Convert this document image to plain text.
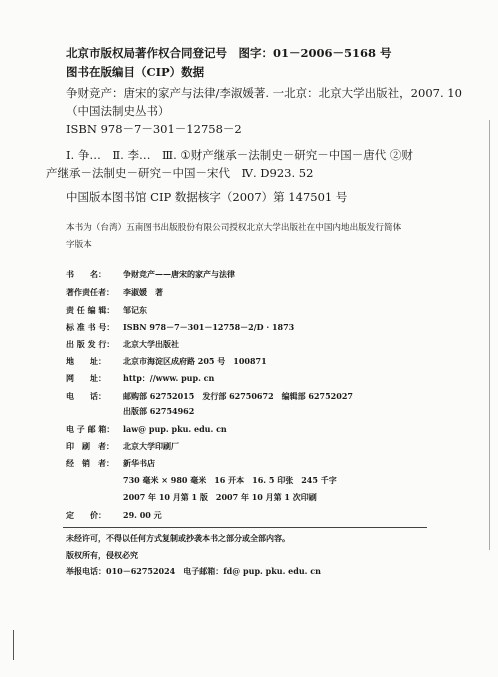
北京市版权局著作权合同登记号　图字：01－2006－5168 号
图书在版编目（CIP）数据
争财竞产：唐宋的家产与法律/李淑媛著. 一北京：北京大学出版社，2007. 10
（中国法制史丛书）
ISBN 978－7－301－12758－2
Ⅰ. 争…　Ⅱ. 李…　Ⅲ. ①财产继承－法制史－研究－中国－唐代 ②财
产继承－法制史－研究－中国－宋代　Ⅳ. D923. 52
中国版本图书馆 CIP 数据核字（2007）第 147501 号
本书为（台湾）五南图书出版股份有限公司授权北京大学出版社在中国内地出版发行简体
字版本
书　　名： 争财竞产——唐宋的家产与法律
著作责任者： 李淑媛　著
责 任 编 辑： 邹记东
标 准 书 号： ISBN 978－7－301－12758－2/D · 1873
出 版 发 行： 北京大学出版社
地　　址： 北京市海淀区成府路 205 号　100871
网　　址： http：//www. pup. cn
电　　话： 邮购部 62752015　发行部 62750672　编辑部 62752027
出版部 62754962
电 子 邮 箱： law@ pup. pku. edu. cn
印　刷　者： 北京大学印刷厂
经　销　者： 新华书店
730 毫米 × 980 毫米　16 开本　16. 5 印张　245 千字
2007 年 10 月第 1 版　2007 年 10 月第 1 次印刷
定　　价： 29. 00 元
未经许可，不得以任何方式复制或抄袭本书之部分或全部内容。
版权所有，侵权必究
举报电话：010－62752024　电子邮箱：fd@ pup. pku. edu. cn
